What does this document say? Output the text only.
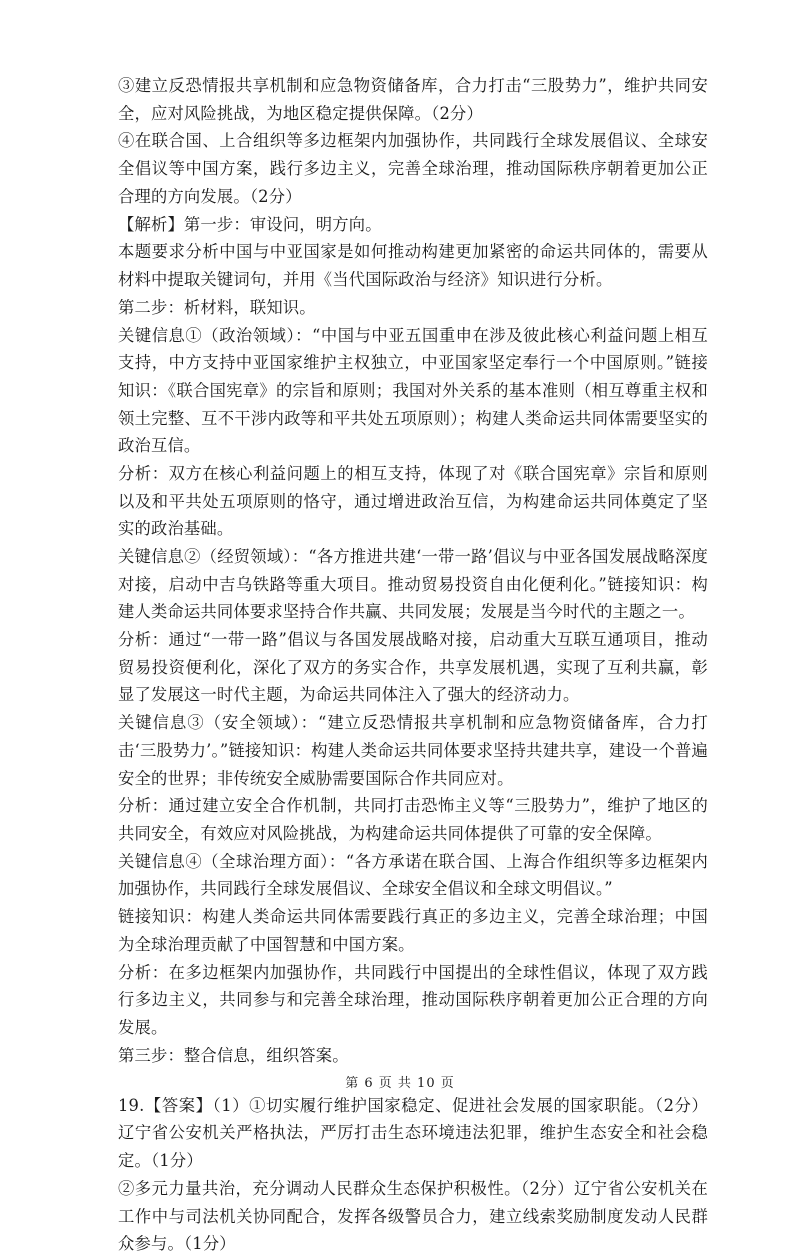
③建立反恐情报共享机制和应急物资储备库，合力打击“三股势力”，维护共同安全，应对风险挑战，为地区稳定提供保障。（2分）

④在联合国、上合组织等多边框架内加强协作，共同践行全球发展倡议、全球安全倡议等中国方案，践行多边主义，完善全球治理，推动国际秩序朝着更加公正合理的方向发展。（2分）

【解析】第一步：审设问，明方向。

本题要求分析中国与中亚国家是如何推动构建更加紧密的命运共同体的，需要从材料中提取关键词句，并用《当代国际政治与经济》知识进行分析。

第二步：析材料，联知识。

关键信息①（政治领域）：“中国与中亚五国重申在涉及彼此核心利益问题上相互支持，中方支持中亚国家维护主权独立，中亚国家坚定奉行一个中国原则。”链接知识：《联合国宪章》的宗旨和原则；我国对外关系的基本准则（相互尊重主权和领土完整、互不干涉内政等和平共处五项原则）；构建人类命运共同体需要坚实的政治互信。

分析：双方在核心利益问题上的相互支持，体现了对《联合国宪章》宗旨和原则以及和平共处五项原则的恪守，通过增进政治互信，为构建命运共同体奠定了坚实的政治基础。

关键信息②（经贸领域）：“各方推进共建‘一带一路’倡议与中亚各国发展战略深度对接，启动中吉乌铁路等重大项目。推动贸易投资自由化便利化。”链接知识：构建人类命运共同体要求坚持合作共赢、共同发展；发展是当今时代的主题之一。

分析：通过“一带一路”倡议与各国发展战略对接，启动重大互联互通项目，推动贸易投资便利化，深化了双方的务实合作，共享发展机遇，实现了互利共赢，彰显了发展这一时代主题，为命运共同体注入了强大的经济动力。

关键信息③（安全领域）：“建立反恐情报共享机制和应急物资储备库，合力打击‘三股势力’。”链接知识：构建人类命运共同体要求坚持共建共享，建设一个普遍安全的世界；非传统安全威胁需要国际合作共同应对。

分析：通过建立安全合作机制，共同打击恐怖主义等“三股势力”，维护了地区的共同安全，有效应对风险挑战，为构建命运共同体提供了可靠的安全保障。

关键信息④（全球治理方面）：“各方承诺在联合国、上海合作组织等多边框架内加强协作，共同践行全球发展倡议、全球安全倡议和全球文明倡议。”

链接知识：构建人类命运共同体需要践行真正的多边主义，完善全球治理；中国为全球治理贡献了中国智慧和中国方案。

分析：在多边框架内加强协作，共同践行中国提出的全球性倡议，体现了双方践行多边主义，共同参与和完善全球治理，推动国际秩序朝着更加公正合理的方向发展。

第三步：整合信息，组织答案。

19.【答案】（1）①切实履行维护国家稳定、促进社会发展的国家职能。（2分）辽宁省公安机关严格执法，严厉打击生态环境违法犯罪，维护生态安全和社会稳定。（1分）

②多元力量共治，充分调动人民群众生态保护积极性。（2分）辽宁省公安机关在工作中与司法机关协同配合，发挥各级警员合力，建立线索奖励制度发动人民群众参与。（1分）

第 6 页 共 10 页
